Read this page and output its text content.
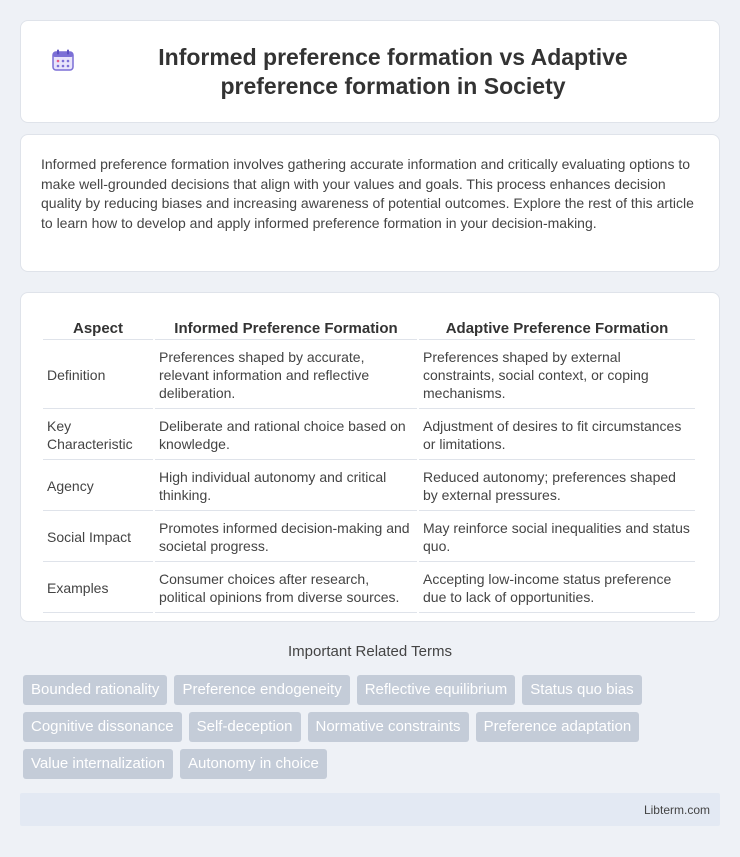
Informed preference formation vs Adaptive preference formation in Society

Informed preference formation involves gathering accurate information and critically evaluating options to make well-grounded decisions that align with your values and goals. This process enhances decision quality by reducing biases and increasing awareness of potential outcomes. Explore the rest of this article to learn how to develop and apply informed preference formation in your decision-making.

Aspect	Informed Preference Formation	Adaptive Preference Formation
Definition	Preferences shaped by accurate, relevant information and reflective deliberation.	Preferences shaped by external constraints, social context, or coping mechanisms.
Key Characteristic	Deliberate and rational choice based on knowledge.	Adjustment of desires to fit circumstances or limitations.
Agency	High individual autonomy and critical thinking.	Reduced autonomy; preferences shaped by external pressures.
Social Impact	Promotes informed decision-making and societal progress.	May reinforce social inequalities and status quo.
Examples	Consumer choices after research, political opinions from diverse sources.	Accepting low-income status preference due to lack of opportunities.
Important Related Terms
Bounded rationality	Preference endogeneity	Reflective equilibrium	Status quo bias
Cognitive dissonance	Self-deception	Normative constraints	Preference adaptation
Value internalization	Autonomy in choice
Libterm.com
